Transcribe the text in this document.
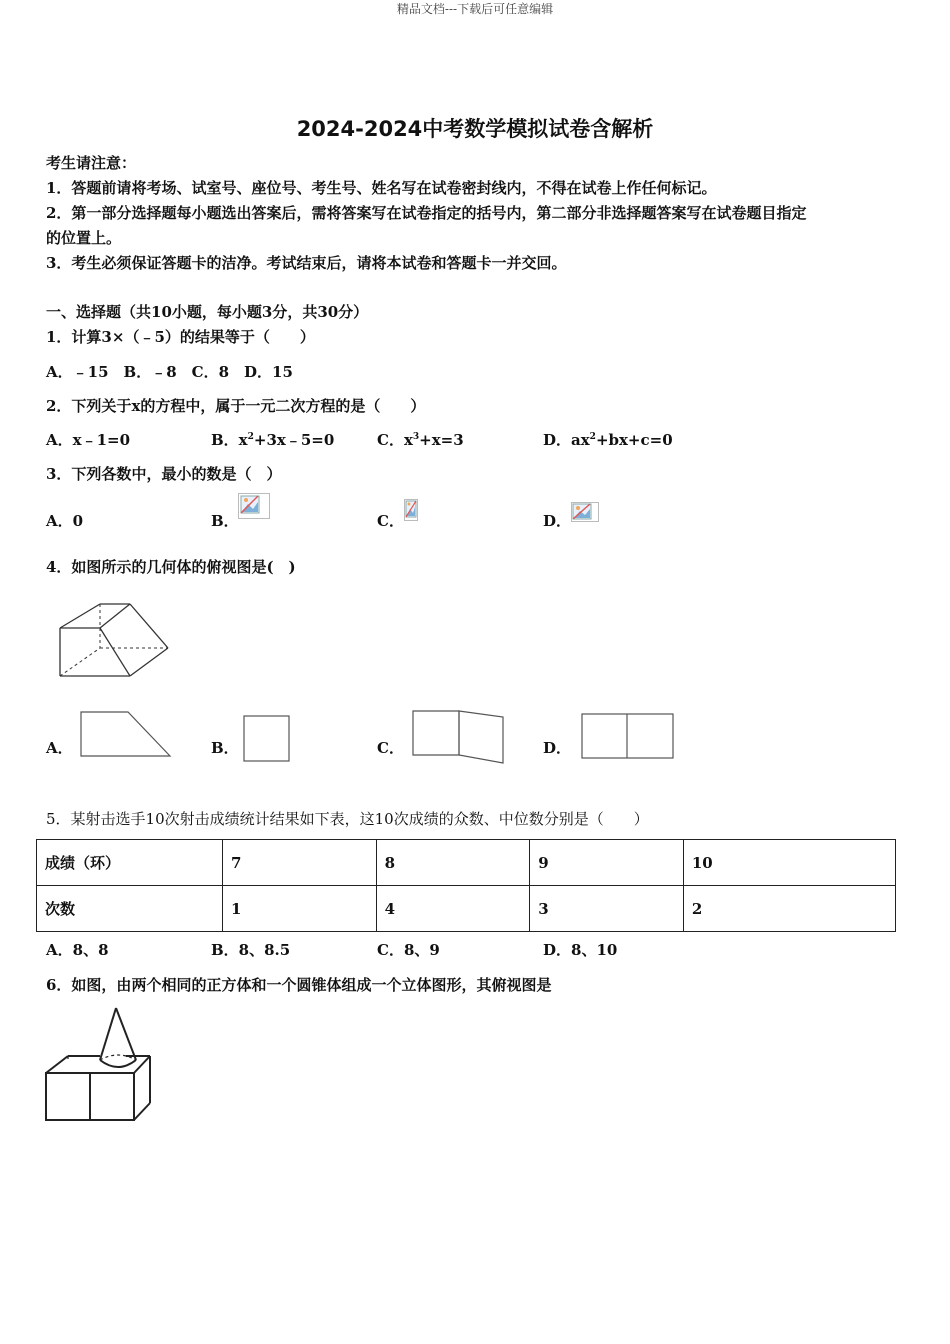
精品文档---下载后可任意编辑
2024-2024中考数学模拟试卷含解析
考生请注意：
1．答题前请将考场、试室号、座位号、考生号、姓名写在试卷密封线内，不得在试卷上作任何标记。
2．第一部分选择题每小题选出答案后，需将答案写在试卷指定的括号内，第二部分非选择题答案写在试卷题目指定
的位置上。
3．考生必须保证答题卡的洁净。考试结束后，请将本试卷和答题卡一并交回。
一、选择题（共10小题，每小题3分，共30分）
1．计算3×（﹣5）的结果等于（　　）
A．﹣15　B．﹣8　C．8　D．15
2．下列关于x的方程中，属于一元二次方程的是（　　）
A．x﹣1=0	B．$x^2+3x﹣5=0$	C．$x^3+x=3$	D．$ax^2+bx+c=0$
3．下列各数中，最小的数是（　）
A．0	B．	C．	D．
4．如图所示的几何体的俯视图是(　)
A．	B．	C．	D．
5．某射击选手10次射击成绩统计结果如下表，这10次成绩的众数、中位数分别是（　　）
成绩（环）	7	8	9	10
次数	1	4	3	2
A．8、8	B．8、8.5	C．8、9	D．8、10
6．如图，由两个相同的正方体和一个圆锥体组成一个立体图形，其俯视图是
